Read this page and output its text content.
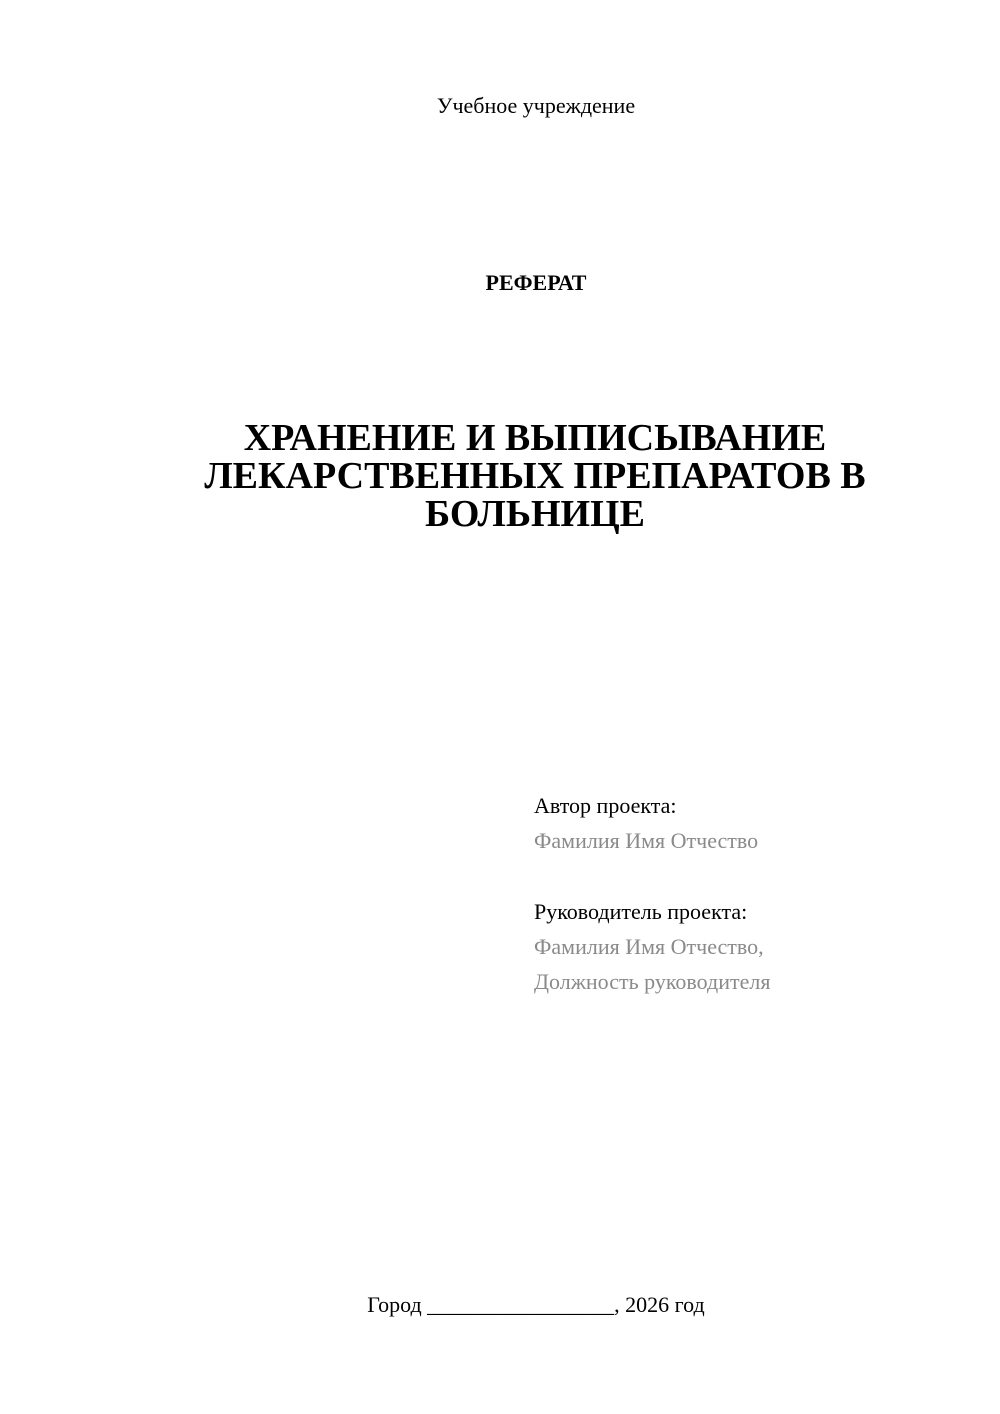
Учебное учреждение
РЕФЕРАТ
ХРАНЕНИЕ И ВЫПИСЫВАНИЕ
ЛЕКАРСТВЕННЫХ ПРЕПАРАТОВ В
БОЛЬНИЦЕ
Автор проекта:
Фамилия Имя Отчество
Руководитель проекта:
Фамилия Имя Отчество,
Должность руководителя
Город _________________, 2026 год
